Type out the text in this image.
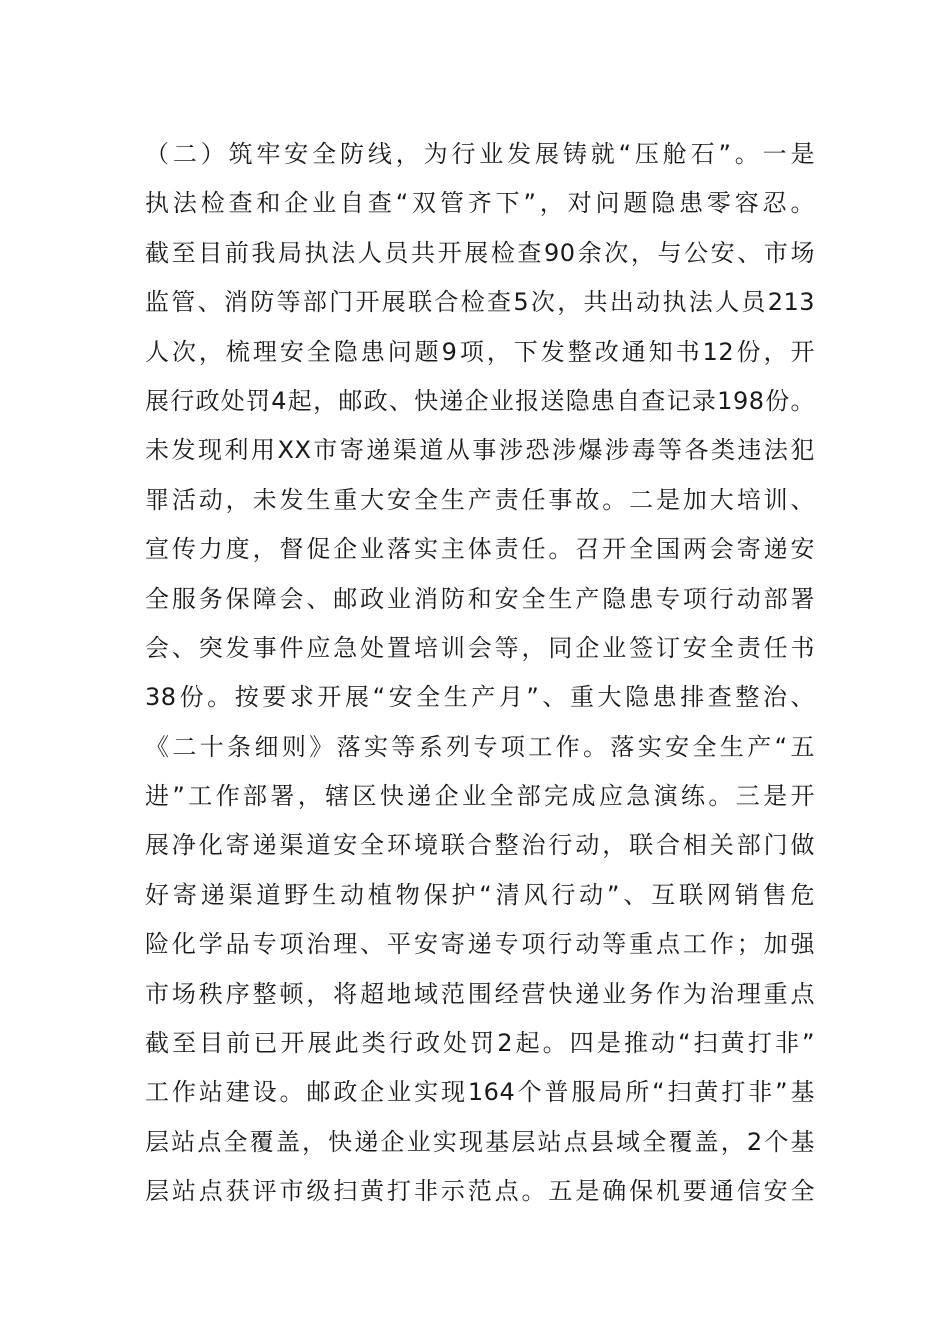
（二）筑牢安全防线，为行业发展铸就“压舱石”。一是
执法检查和企业自查“双管齐下”，对问题隐患零容忍。
截至目前我局执法人员共开展检查90余次，与公安、市场
监管、消防等部门开展联合检查5次，共出动执法人员213
人次，梳理安全隐患问题9项，下发整改通知书12份，开
展行政处罚4起，邮政、快递企业报送隐患自查记录198份。
未发现利用XX市寄递渠道从事涉恐涉爆涉毒等各类违法犯
罪活动，未发生重大安全生产责任事故。二是加大培训、
宣传力度，督促企业落实主体责任。召开全国两会寄递安
全服务保障会、邮政业消防和安全生产隐患专项行动部署
会、突发事件应急处置培训会等，同企业签订安全责任书
38份。按要求开展“安全生产月”、重大隐患排查整治、
《二十条细则》落实等系列专项工作。落实安全生产“五
进”工作部署，辖区快递企业全部完成应急演练。三是开
展净化寄递渠道安全环境联合整治行动，联合相关部门做
好寄递渠道野生动植物保护“清风行动”、互联网销售危
险化学品专项治理、平安寄递专项行动等重点工作；加强
市场秩序整顿，将超地域范围经营快递业务作为治理重点
截至目前已开展此类行政处罚2起。四是推动“扫黄打非”
工作站建设。邮政企业实现164个普服局所“扫黄打非”基
层站点全覆盖，快递企业实现基层站点县域全覆盖，2个基
层站点获评市级扫黄打非示范点。五是确保机要通信安全
